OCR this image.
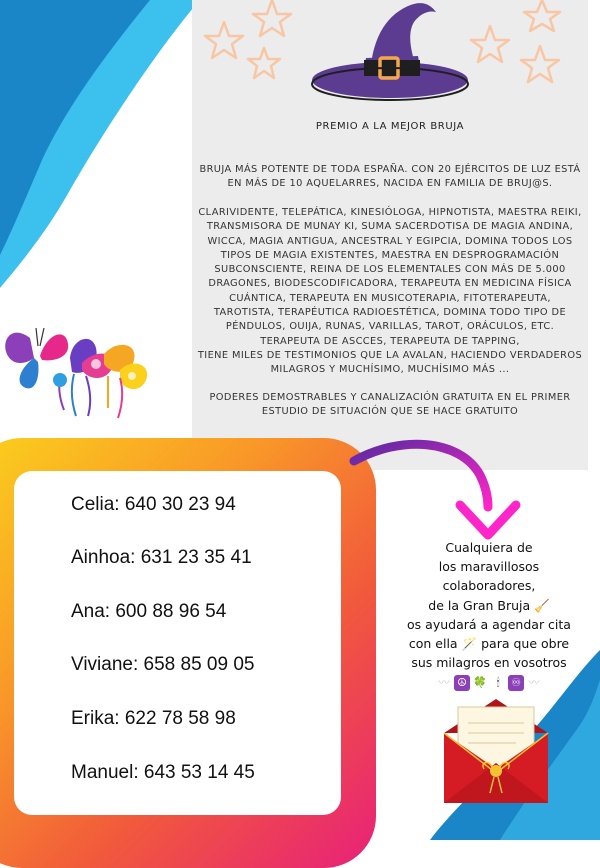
PREMIO A LA MEJOR BRUJA
BRUJA MÁS POTENTE DE TODA ESPAÑA. CON 20 EJÉRCITOS DE LUZ ESTÁ
EN MÁS DE 10 AQUELARRES, NACIDA EN FAMILIA DE BRUJ@S.
CLARIVIDENTE, TELEPÁTICA, KINESIÓLOGA, HIPNOTISTA, MAESTRA REIKI,
TRANSMISORA DE MUNAY KI, SUMA SACERDOTISA DE MAGIA ANDINA,
WICCA, MAGIA ANTIGUA, ANCESTRAL Y EGIPCIA, DOMINA TODOS LOS
TIPOS DE MAGIA EXISTENTES, MAESTRA EN DESPROGRAMACIÓN
SUBCONSCIENTE, REINA DE LOS ELEMENTALES CON MÁS DE 5.000
DRAGONES, BIODESCODIFICADORA, TERAPEUTA EN MEDICINA FÍSICA
CUÁNTICA, TERAPEUTA EN MUSICOTERAPIA, FITOTERAPEUTA,
TAROTISTA, TERAPÉUTICA RADIOESTÉTICA, DOMINA TODO TIPO DE
PÉNDULOS, OUIJA, RUNAS, VARILLAS, TAROT, ORÁCULOS, ETC.
TERAPEUTA DE ASCCES, TERAPEUTA DE TAPPING,
TIENE MILES DE TESTIMONIOS QUE LA AVALAN, HACIENDO VERDADEROS
MILAGROS Y MUCHÍSIMO, MUCHÍSIMO MÁS ...
PODERES DEMOSTRABLES Y CANALIZACIÓN GRATUITA EN EL PRIMER
ESTUDIO DE SITUACIÓN QUE SE HACE GRATUITO
Celia: 640 30 23 94
Ainhoa: 631 23 35 41
Ana: 600 88 96 54
Viviane: 658 85 09 05
Erika: 622 78 58 98
Manuel: 643 53 14 45
Cualquiera de
los maravillosos
colaboradores,
de la Gran Bruja 🧹
os ayudará a agendar cita
con ella 🪄 para que obre
sus milagros en vosotros
〰 ☮ 🍀 🕯	♾ 〰
